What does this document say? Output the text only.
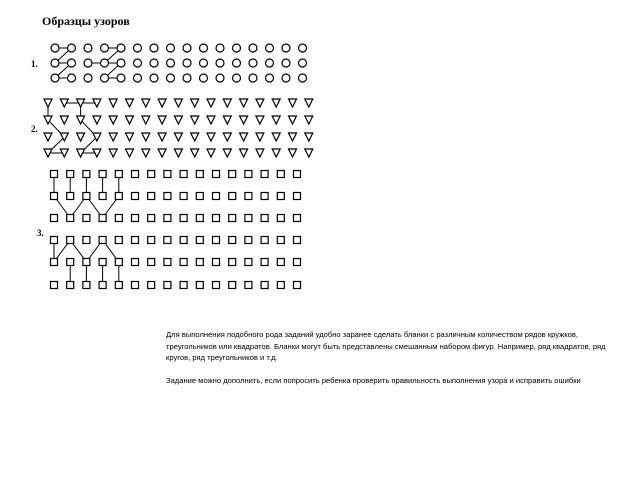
Образцы узоров
1.
2.
3.

Для выполнения подобного рода заданий удобно заранее сделать бланки с различным количеством рядов кружков, треугольников или квадратов. Бланки могут быть представлены смешанным набором фигур. Например, ряд квадратов, ряд кругов, ряд треугольников и т.д.

Задание можно дополнить, если попросить ребенка проверить правильность выполнения узора и исправить ошибки
